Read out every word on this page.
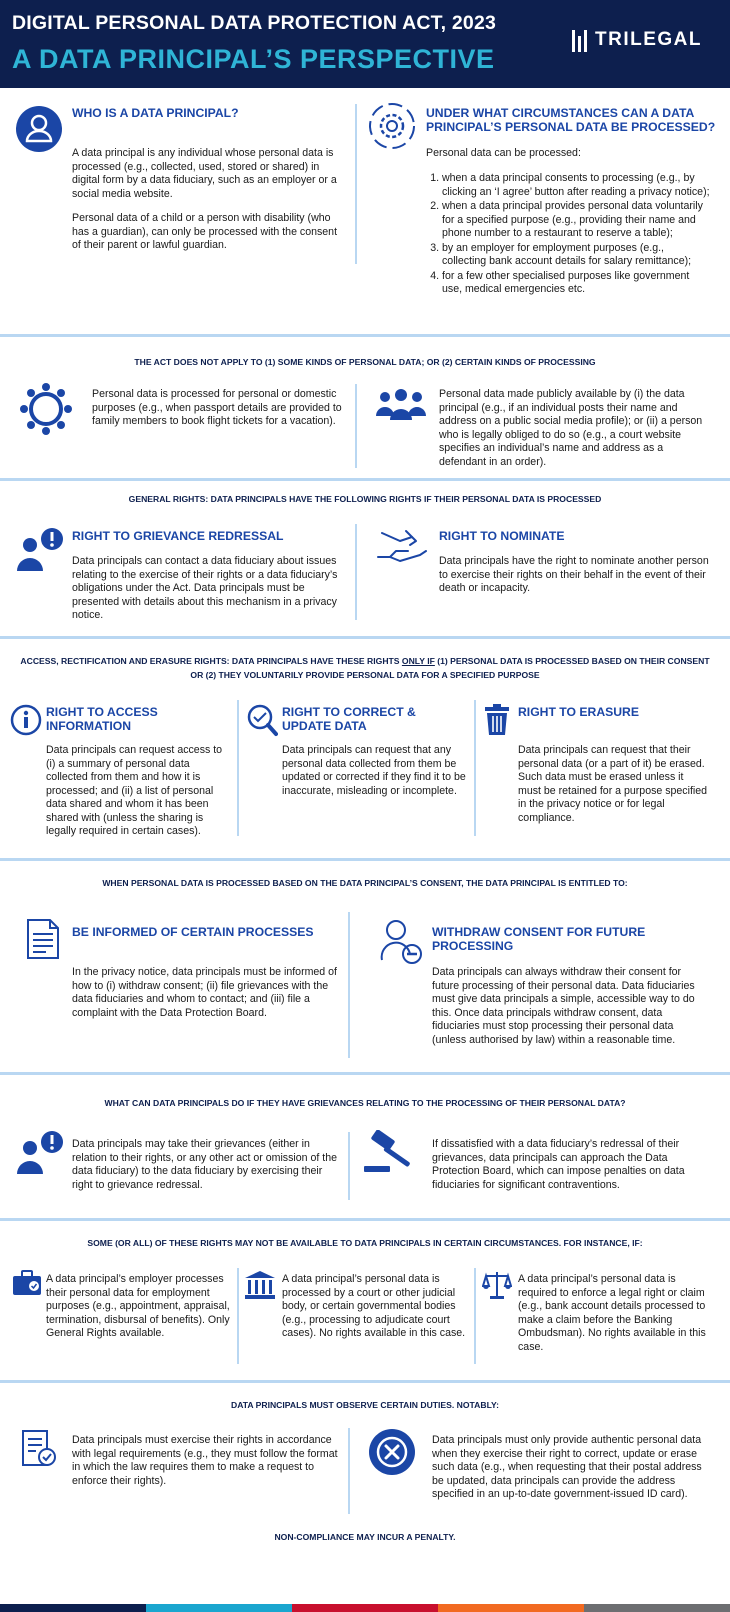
DIGITAL PERSONAL DATA PROTECTION ACT, 2023
A DATA PRINCIPAL’S PERSPECTIVE
TRILEGAL
WHO IS A DATA PRINCIPAL?
A data principal is any individual whose personal data is processed (e.g., collected, used, stored or shared) in digital form by a data fiduciary, such as an employer or a social media website.
Personal data of a child or a person with disability (who has a guardian), can only be processed with the consent of their parent or lawful guardian.
UNDER WHAT CIRCUMSTANCES CAN A DATA PRINCIPAL’S PERSONAL DATA BE PROCESSED?
Personal data can be processed:
1. when a data principal consents to processing (e.g., by clicking an ‘I agree’ button after reading a privacy notice);
2. when a data principal provides personal data voluntarily for a specified purpose (e.g., providing their name and phone number to a restaurant to reserve a table);
3. by an employer for employment purposes (e.g., collecting bank account details for salary remittance);
4. for a few other specialised purposes like government use, medical emergencies etc.
THE ACT DOES NOT APPLY TO (1) SOME KINDS OF PERSONAL DATA; OR (2) CERTAIN KINDS OF PROCESSING
Personal data is processed for personal or domestic purposes (e.g., when passport details are provided to family members to book flight tickets for a vacation).
Personal data made publicly available by (i) the data principal (e.g., if an individual posts their name and address on a public social media profile); or (ii) a person who is legally obliged to do so (e.g., a court website specifies an individual’s name and address as a defendant in an order).
GENERAL RIGHTS: DATA PRINCIPALS HAVE THE FOLLOWING RIGHTS IF THEIR PERSONAL DATA IS PROCESSED
RIGHT TO GRIEVANCE REDRESSAL
Data principals can contact a data fiduciary about issues relating to the exercise of their rights or a data fiduciary’s obligations under the Act. Data principals must be presented with details about this mechanism in a privacy notice.
RIGHT TO NOMINATE
Data principals have the right to nominate another person to exercise their rights on their behalf in the event of their death or incapacity.
ACCESS, RECTIFICATION AND ERASURE RIGHTS: DATA PRINCIPALS HAVE THESE RIGHTS ONLY IF (1) PERSONAL DATA IS PROCESSED BASED ON THEIR CONSENT OR (2) THEY VOLUNTARILY PROVIDE PERSONAL DATA FOR A SPECIFIED PURPOSE
RIGHT TO ACCESS INFORMATION
Data principals can request access to (i) a summary of personal data collected from them and how it is processed; and (ii) a list of personal data shared and whom it has been shared with (unless the sharing is legally required in certain cases).
RIGHT TO CORRECT & UPDATE DATA
Data principals can request that any personal data collected from them be updated or corrected if they find it to be inaccurate, misleading or incomplete.
RIGHT TO ERASURE
Data principals can request that their personal data (or a part of it) be erased. Such data must be erased unless it must be retained for a purpose specified in the privacy notice or for legal compliance.
WHEN PERSONAL DATA IS PROCESSED BASED ON THE DATA PRINCIPAL’S CONSENT, THE DATA PRINCIPAL IS ENTITLED TO:
BE INFORMED OF CERTAIN PROCESSES
In the privacy notice, data principals must be informed of how to (i) withdraw consent; (ii) file grievances with the data fiduciaries and whom to contact; and (iii) file a complaint with the Data Protection Board.
WITHDRAW CONSENT FOR FUTURE PROCESSING
Data principals can always withdraw their consent for future processing of their personal data. Data fiduciaries must give data principals a simple, accessible way to do this. Once data principals withdraw consent, data fiduciaries must stop processing their personal data (unless authorised by law) within a reasonable time.
WHAT CAN DATA PRINCIPALS DO IF THEY HAVE GRIEVANCES RELATING TO THE PROCESSING OF THEIR PERSONAL DATA?
Data principals may take their grievances (either in relation to their rights, or any other act or omission of the data fiduciary) to the data fiduciary by exercising their right to grievance redressal.
If dissatisfied with a data fiduciary’s redressal of their grievances, data principals can approach the Data Protection Board, which can impose penalties on data fiduciaries for significant contraventions.
SOME (OR ALL) OF THESE RIGHTS MAY NOT BE AVAILABLE TO DATA PRINCIPALS IN CERTAIN CIRCUMSTANCES. FOR INSTANCE, IF:
A data principal’s employer processes their personal data for employment purposes (e.g., appointment, appraisal, termination, disbursal of benefits). Only General Rights available.
A data principal’s personal data is processed by a court or other judicial body, or certain governmental bodies (e.g., processing to adjudicate court cases). No rights available in this case.
A data principal’s personal data is required to enforce a legal right or claim (e.g., bank account details processed to make a claim before the Banking Ombudsman). No rights available in this case.
DATA PRINCIPALS MUST OBSERVE CERTAIN DUTIES. NOTABLY:
Data principals must exercise their rights in accordance with legal requirements (e.g., they must follow the format in which the law requires them to make a request to enforce their rights).
Data principals must only provide authentic personal data when they exercise their right to correct, update or erase such data (e.g., when requesting that their postal address be updated, data principals can provide the address specified in an up-to-date government-issued ID card).
NON-COMPLIANCE MAY INCUR A PENALTY.
